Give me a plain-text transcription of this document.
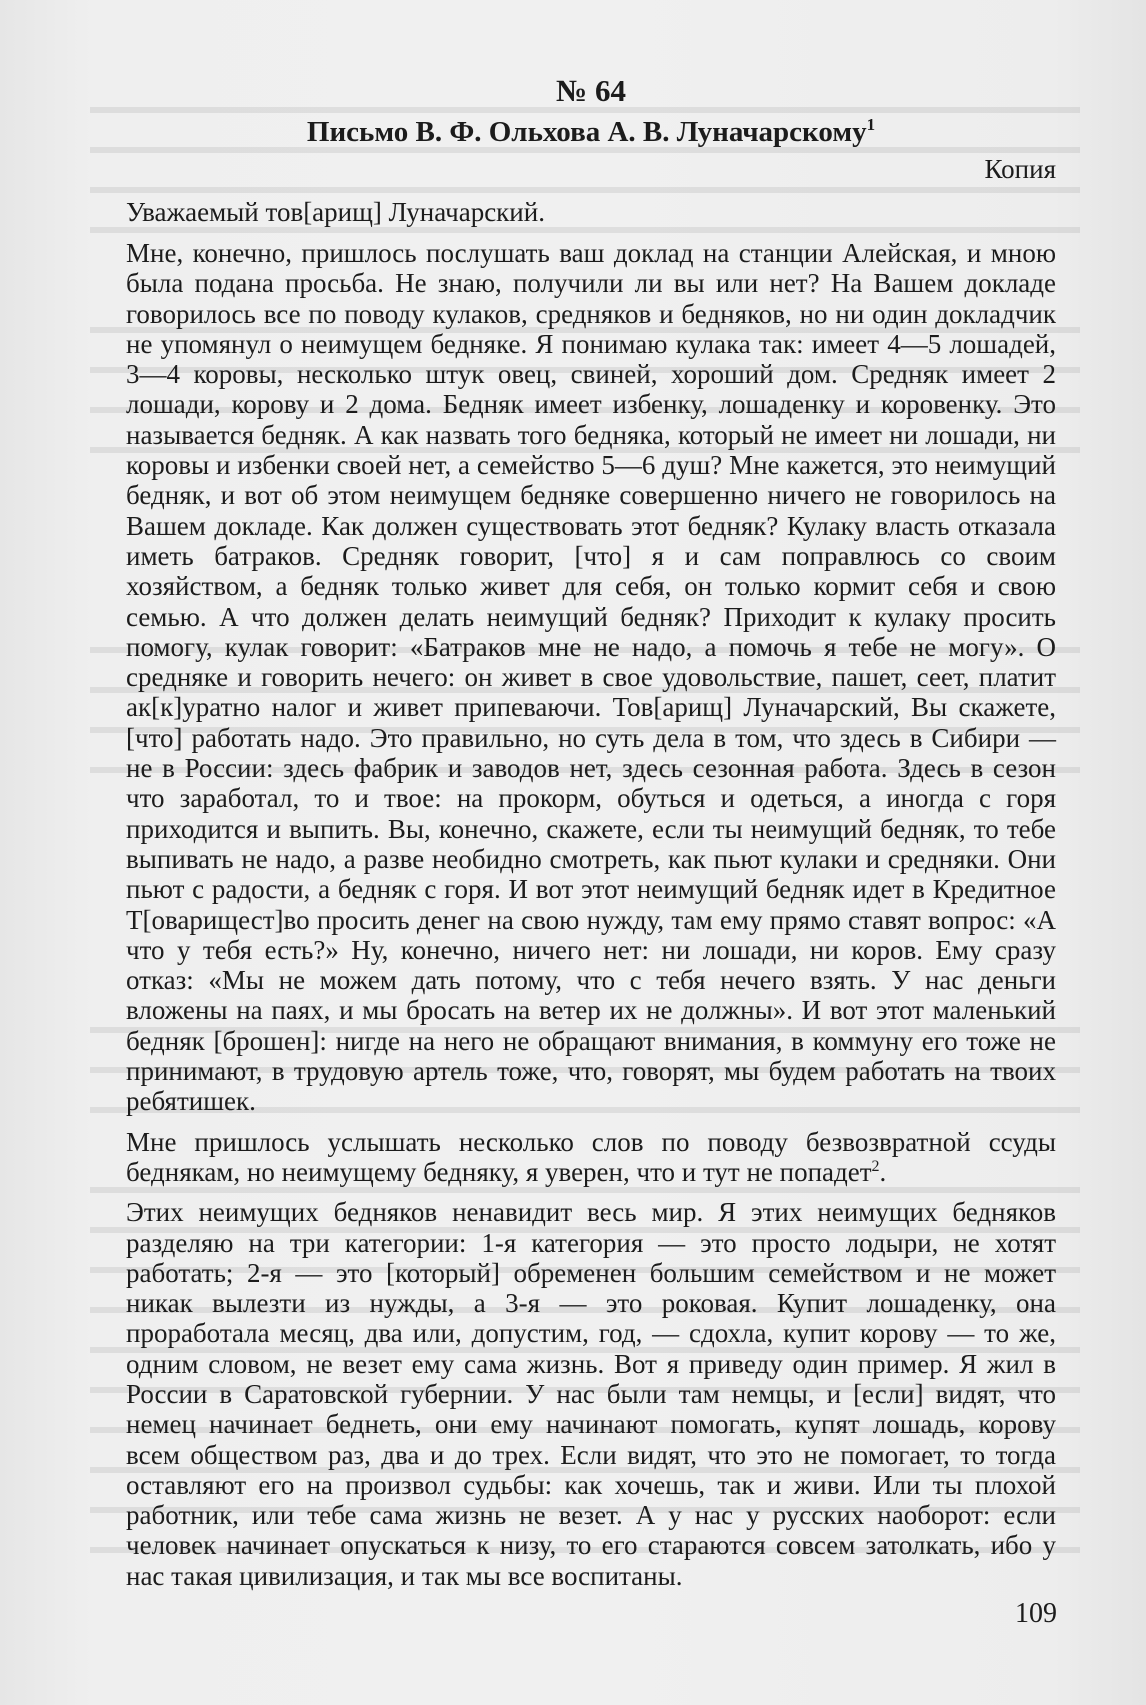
№ 64

Письмо В. Ф. Ольхова А. В. Луначарскому$^1$

Копия

Уважаемый тов[арищ] Луначарский.

Мне, конечно, пришлось послушать ваш доклад на станции Алейская, и мною была подана просьба. Не знаю, получили ли вы или нет? На Вашем докладе говорилось все по поводу кулаков, средняков и бедняков, но ни один докладчик не упомянул о неимущем бедняке. Я понимаю кулака так: имеет 4—5 лошадей, 3—4 коровы, несколько штук овец, свиней, хороший дом. Средняк имеет 2 лошади, корову и 2 дома. Бедняк имеет избенку, лошаденку и коровенку. Это называется бедняк. А как назвать того бедняка, который не имеет ни лошади, ни коровы и избенки своей нет, а семейство 5—6 душ? Мне кажется, это неимущий бедняк, и вот об этом неимущем бедняке совершенно ничего не говорилось на Вашем докладе. Как должен существовать этот бедняк? Кулаку власть отказала иметь батраков. Средняк говорит, [что] я и сам поправлюсь со своим хозяйством, а бедняк только живет для себя, он только кормит себя и свою семью. А что должен делать неимущий бедняк? Приходит к кулаку просить помогу, кулак говорит: «Батраков мне не надо, а помочь я тебе не могу». О средняке и говорить нечего: он живет в свое удовольствие, пашет, сеет, платит ак[к]уратно налог и живет припеваючи. Тов[арищ] Луначарский, Вы скажете, [что] работать надо. Это правильно, но суть дела в том, что здесь в Сибири — не в России: здесь фабрик и заводов нет, здесь сезонная работа. Здесь в сезон что заработал, то и твое: на прокорм, обуться и одеться, а иногда с горя приходится и выпить. Вы, конечно, скажете, если ты неимущий бедняк, то тебе выпивать не надо, а разве необидно смотреть, как пьют кулаки и средняки. Они пьют с радости, а бедняк с горя. И вот этот неимущий бедняк идет в Кредитное Т[оварищест]во просить денег на свою нужду, там ему прямо ставят вопрос: «А что у тебя есть?» Ну, конечно, ничего нет: ни лошади, ни коров. Ему сразу отказ: «Мы не можем дать потому, что с тебя нечего взять. У нас деньги вложены на паях, и мы бросать на ветер их не должны». И вот этот маленький бедняк [брошен]: нигде на него не обращают внимания, в коммуну его тоже не принимают, в трудовую артель тоже, что, говорят, мы будем работать на твоих ребятишек.

Мне пришлось услышать несколько слов по поводу безвозвратной ссуды беднякам, но неимущему бедняку, я уверен, что и тут не попадет$^2$.

Этих неимущих бедняков ненавидит весь мир. Я этих неимущих бедняков разделяю на три категории: 1-я категория — это просто лодыри, не хотят работать; 2-я — это [который] обременен большим семейством и не может никак вылезти из нужды, а 3-я — это роковая. Купит лошаденку, она проработала месяц, два или, допустим, год, — сдохла, купит корову — то же, одним словом, не везет ему сама жизнь. Вот я приведу один пример. Я жил в России в Саратовской губернии. У нас были там немцы, и [если] видят, что немец начинает беднеть, они ему начинают помогать, купят лошадь, корову всем обществом раз, два и до трех. Если видят, что это не помогает, то тогда оставляют его на произвол судьбы: как хочешь, так и живи. Или ты плохой работник, или тебе сама жизнь не везет. А у нас у русских наоборот: если человек начинает опускаться к низу, то его стараются совсем затолкать, ибо у нас такая цивилизация, и так мы все воспитаны.

109
